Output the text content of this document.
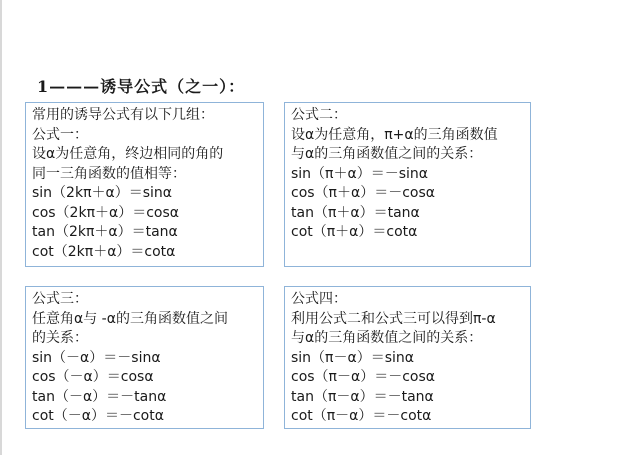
1———诱导公式（之一）：
常用的诱导公式有以下几组：
公式一：
设α为任意角，终边相同的角的
同一三角函数的值相等：
sin（2kπ＋α）＝sinα
cos（2kπ＋α）＝cosα
tan（2kπ＋α）＝tanα
cot（2kπ＋α）＝cotα
公式二：
设α为任意角，π+α的三角函数值
与α的三角函数值之间的关系：
sin（π＋α）＝－sinα
cos（π＋α）＝－cosα
tan（π＋α）＝tanα
cot（π＋α）＝cotα
公式三：
任意角α与 -α的三角函数值之间
的关系：
sin（－α）＝－sinα
cos（－α）＝cosα
tan（－α）＝－tanα
cot（－α）＝－cotα
公式四：
利用公式二和公式三可以得到π-α
与α的三角函数值之间的关系：
sin（π－α）＝sinα
cos（π－α）＝－cosα
tan（π－α）＝－tanα
cot（π－α）＝－cotα
